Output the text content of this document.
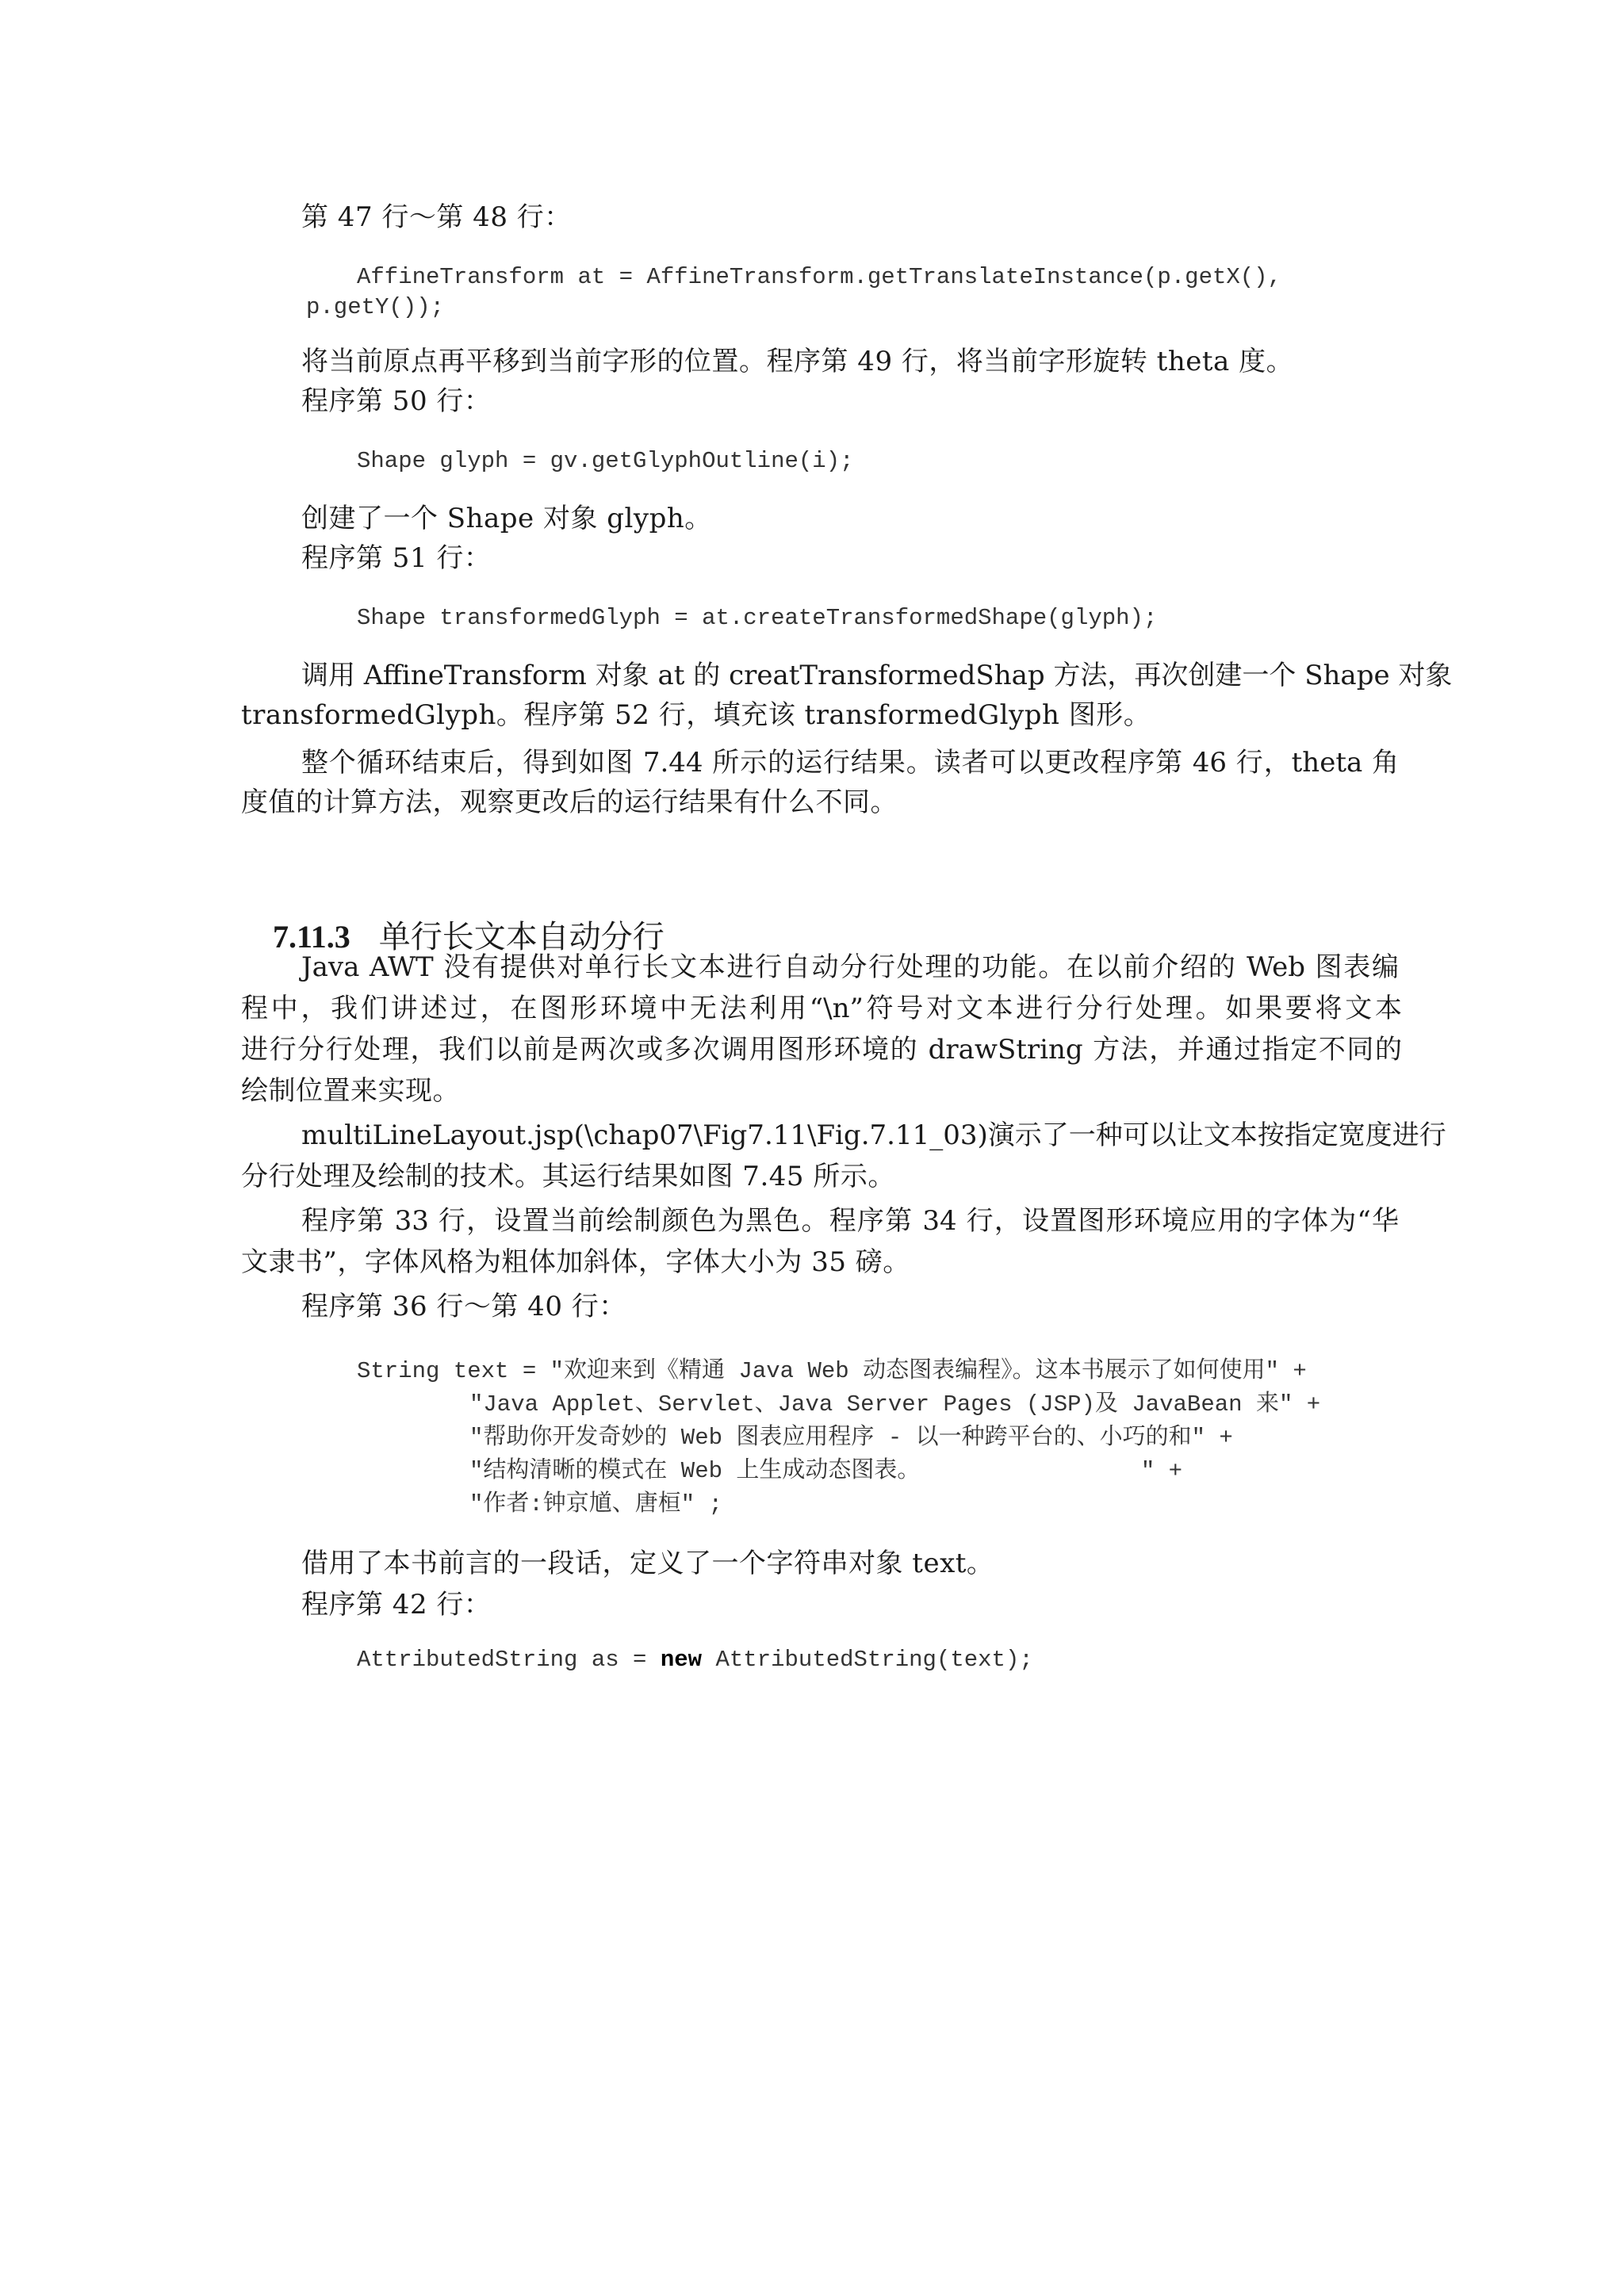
第 47 行～第 48 行：
AffineTransform at = AffineTransform.getTranslateInstance(p.getX(),
p.getY());
将当前原点再平移到当前字形的位置。程序第 49 行，将当前字形旋转 theta 度。
程序第 50 行：
Shape glyph = gv.getGlyphOutline(i);
创建了一个 Shape 对象 glyph。
程序第 51 行：
Shape transformedGlyph = at.createTransformedShape(glyph);
调用 AffineTransform 对象 at 的 creatTransformedShap 方法，再次创建一个 Shape 对象
transformedGlyph。程序第 52 行，填充该 transformedGlyph 图形。
整个循环结束后，得到如图 7.44 所示的运行结果。读者可以更改程序第 46 行，theta 角
度值的计算方法，观察更改后的运行结果有什么不同。

7.11.3 单行长文本自动分行

Java AWT 没有提供对单行长文本进行自动分行处理的功能。在以前介绍的 Web 图表编
程中，我们讲述过，在图形环境中无法利用“\n”符号对文本进行分行处理。如果要将文本
进行分行处理，我们以前是两次或多次调用图形环境的 drawString 方法，并通过指定不同的
绘制位置来实现。
multiLineLayout.jsp(\chap07\Fig7.11\Fig.7.11_03)演示了一种可以让文本按指定宽度进行
分行处理及绘制的技术。其运行结果如图 7.45 所示。
程序第 33 行，设置当前绘制颜色为黑色。程序第 34 行，设置图形环境应用的字体为“华
文隶书”，字体风格为粗体加斜体，字体大小为 35 磅。
程序第 36 行～第 40 行：
String text = "欢迎来到《精通 Java Web 动态图表编程》。这本书展示了如何使用" +
"Java Applet、Servlet、Java Server Pages (JSP)及 JavaBean 来" +
"帮助你开发奇妙的 Web 图表应用程序 - 以一种跨平台的、小巧的和" +
"结构清晰的模式在 Web 上生成动态图表。                " +
"作者:钟京馗、唐桓" ;
借用了本书前言的一段话，定义了一个字符串对象 text。
程序第 42 行：
AttributedString as = new AttributedString(text);
